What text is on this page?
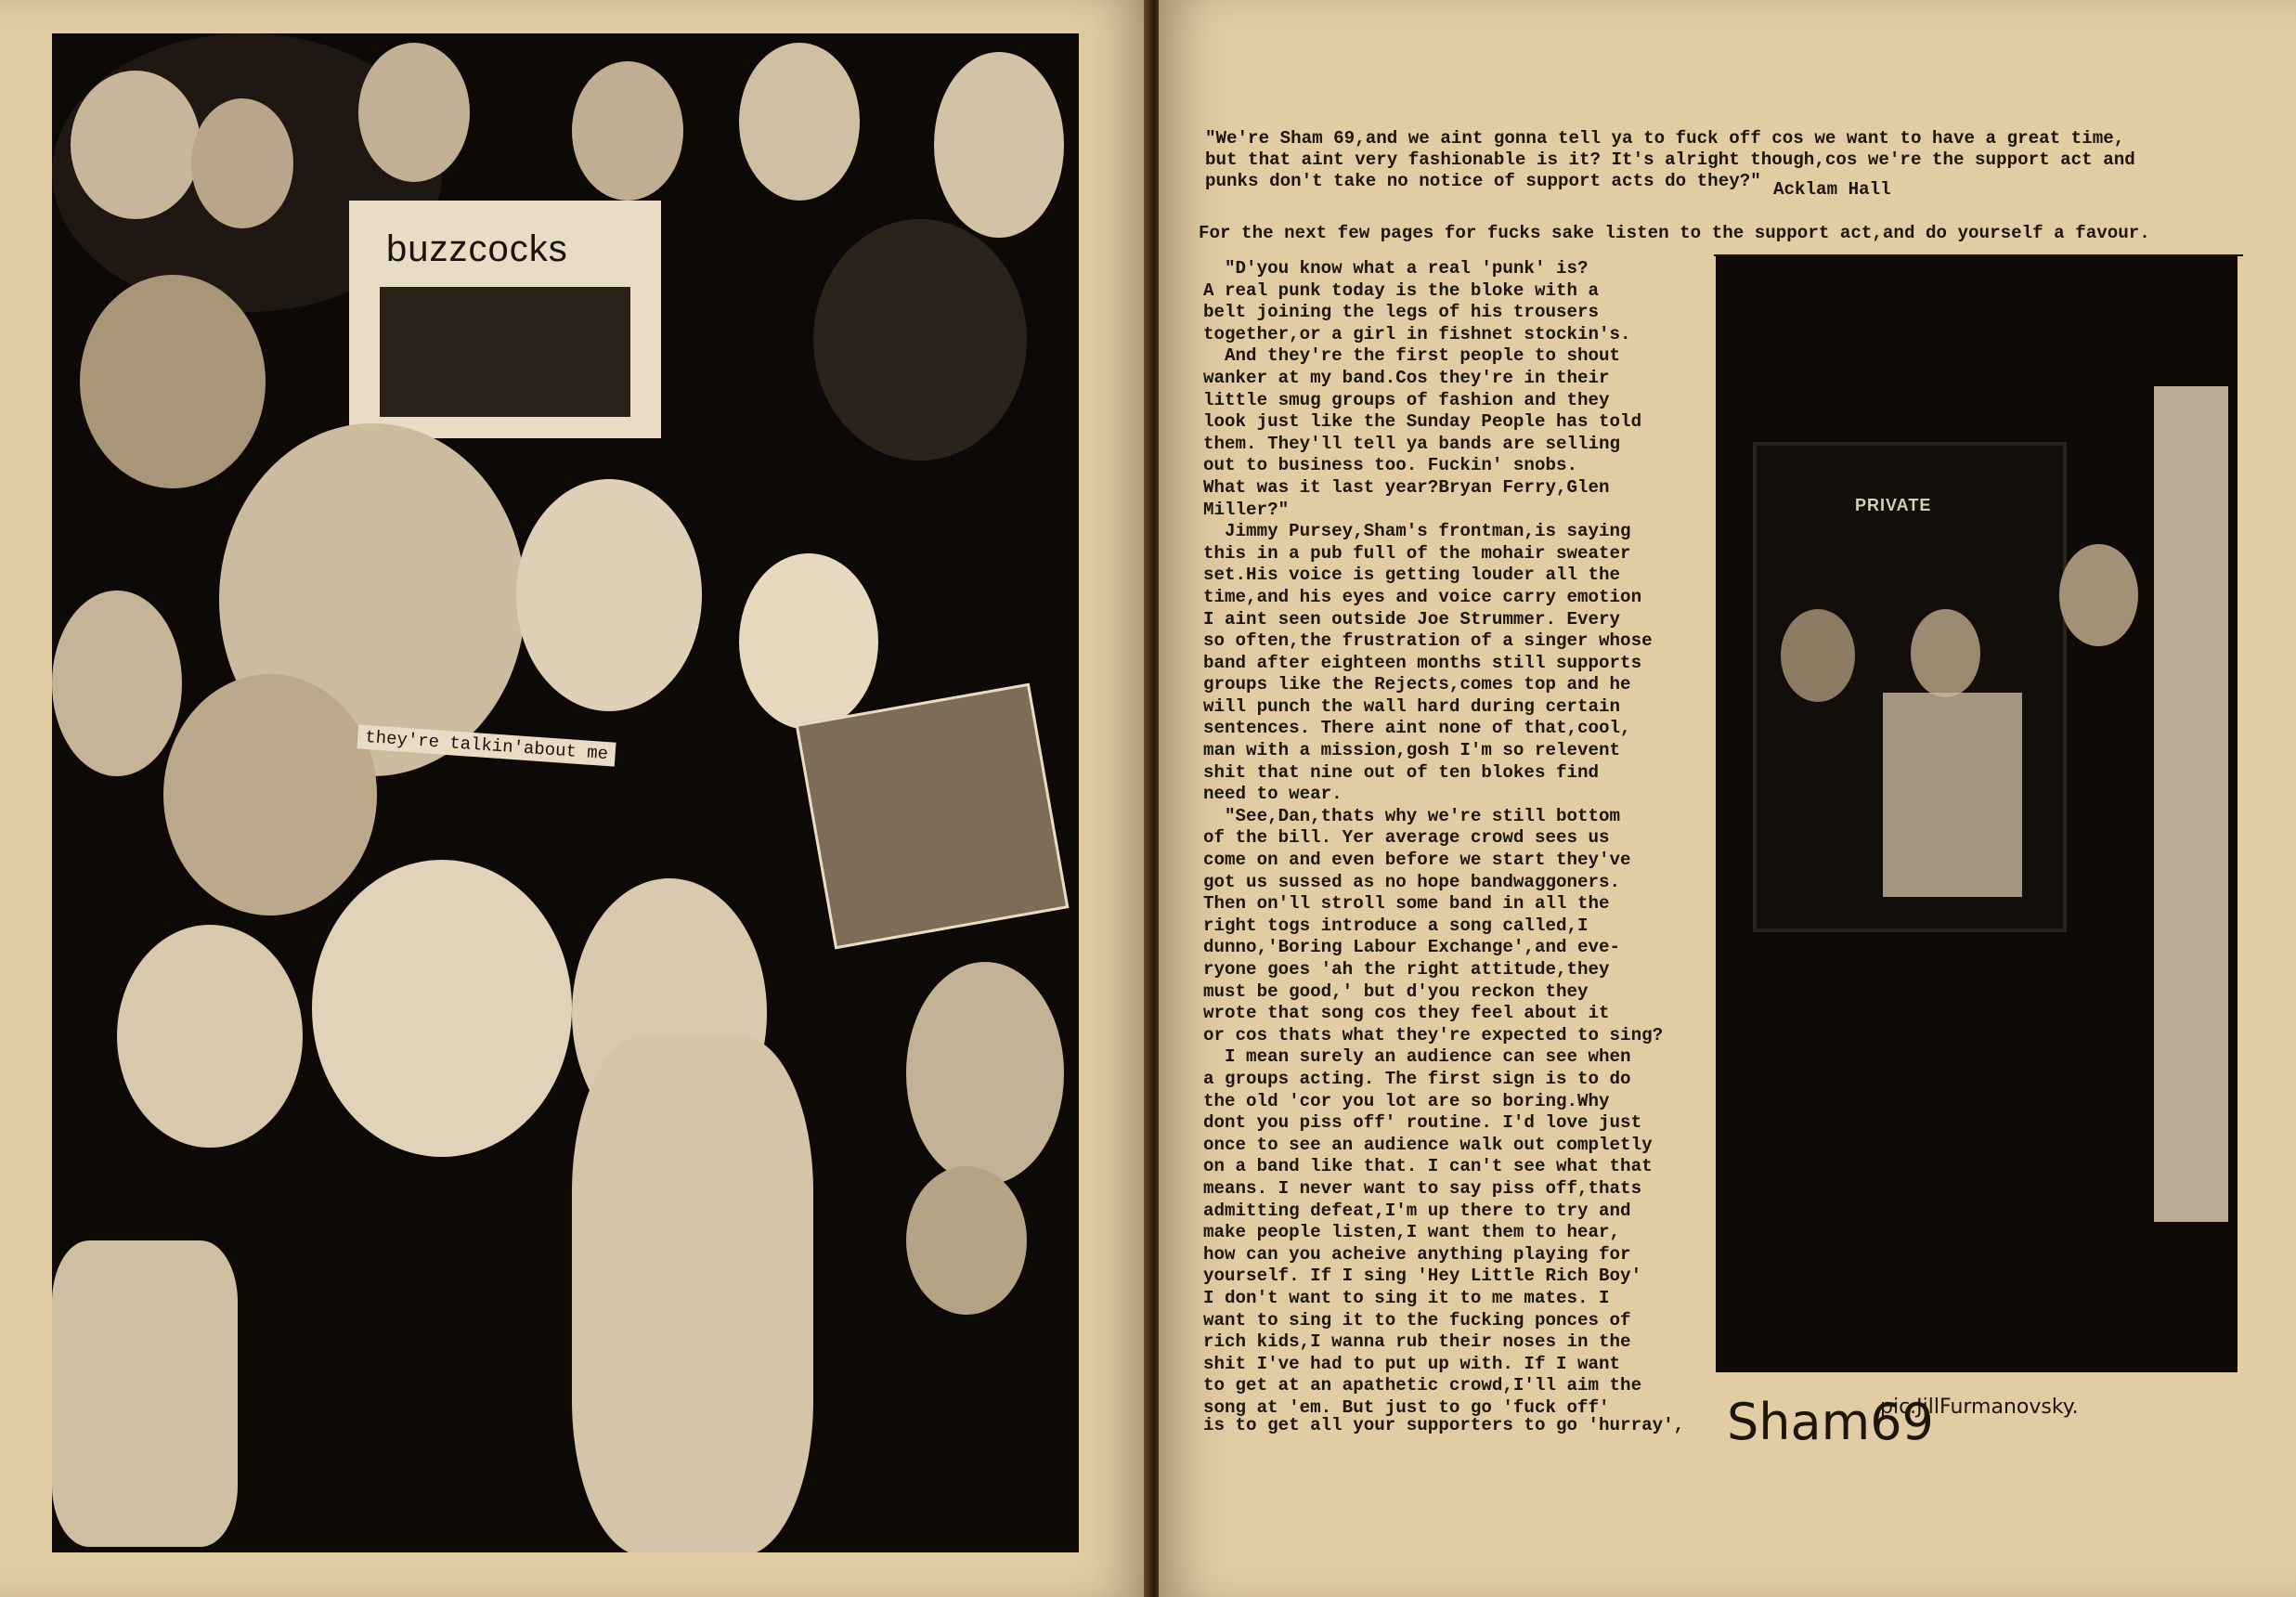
buzzcocks
they're talkin'about me
"We're Sham 69,and we aint gonna tell ya to fuck off cos we want to have a great time,
but that aint very fashionable is it? It's alright though,cos we're the support act and
punks don't take no notice of support acts do they?" Acklam Hall
For the next few pages for fucks sake listen to the support act,and do yourself a favour.
"D'you know what a real 'punk' is?
A real punk today is the bloke with a
belt joining the legs of his trousers
together,or a girl in fishnet stockin's.
And they're the first people to shout
wanker at my band.Cos they're in their
little smug groups of fashion and they
look just like the Sunday People has told
them. They'll tell ya bands are selling
out to business too. Fuckin' snobs.
What was it last year?Bryan Ferry,Glen
Miller?"
Jimmy Pursey,Sham's frontman,is saying
this in a pub full of the mohair sweater
set.His voice is getting louder all the
time,and his eyes and voice carry emotion
I aint seen outside Joe Strummer. Every
so often,the frustration of a singer whose
band after eighteen months still supports
groups like the Rejects,comes top and he
will punch the wall hard during certain
sentences. There aint none of that,cool,
man with a mission,gosh I'm so relevent
shit that nine out of ten blokes find
need to wear.
"See,Dan,thats why we're still bottom
of the bill. Yer average crowd sees us
come on and even before we start they've
got us sussed as no hope bandwaggoners.
Then on'll stroll some band in all the
right togs introduce a song called,I
dunno,'Boring Labour Exchange',and eve-
ryone goes 'ah the right attitude,they
must be good,' but d'you reckon they
wrote that song cos they feel about it
or cos thats what they're expected to sing?
I mean surely an audience can see when
a groups acting. The first sign is to do
the old 'cor you lot are so boring.Why
dont you piss off' routine. I'd love just
once to see an audience walk out completly
on a band like that. I can't see what that
means. I never want to say piss off,thats
admitting defeat,I'm up there to try and
make people listen,I want them to hear,
how can you acheive anything playing for
yourself. If I sing 'Hey Little Rich Boy'
I don't want to sing it to me mates. I
want to sing it to the fucking ponces of
rich kids,I wanna rub their noses in the
shit I've had to put up with. If I want
to get at an apathetic crowd,I'll aim the
song at 'em. But just to go 'fuck off'
is to get all your supporters to go 'hurray',
PRIVATE
Sham69
pic.JillFurmanovsky.
